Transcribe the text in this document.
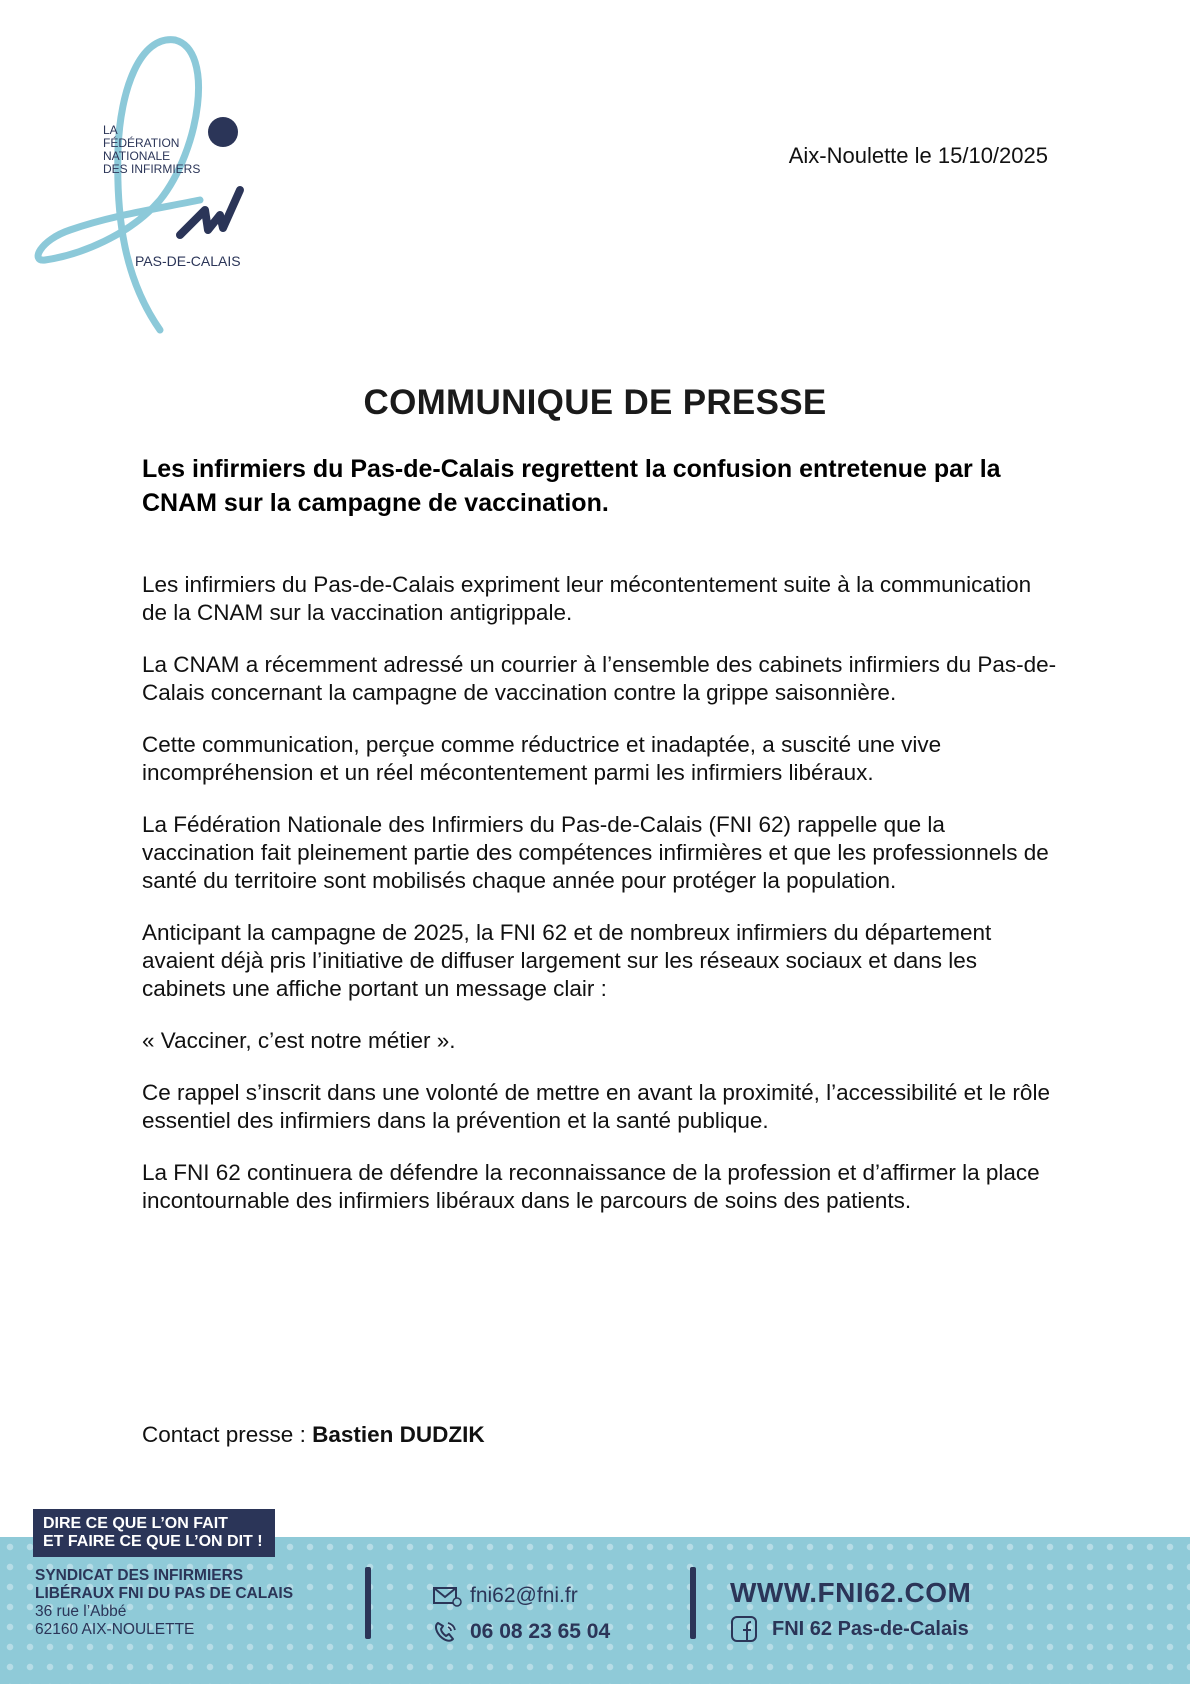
LA
FÉDÉRATION
NATIONALE
DES INFIRMIERS
PAS-DE-CALAIS
Aix-Noulette le 15/10/2025
COMMUNIQUE DE PRESSE
Les infirmiers du Pas-de-Calais regrettent la confusion entretenue par la CNAM sur la campagne de vaccination.

Les infirmiers du Pas-de-Calais expriment leur mécontentement suite à la communication de la CNAM sur la vaccination antigrippale.

La CNAM a récemment adressé un courrier à l’ensemble des cabinets infirmiers du Pas-de-Calais concernant la campagne de vaccination contre la grippe saisonnière.

Cette communication, perçue comme réductrice et inadaptée, a suscité une vive incompréhension et un réel mécontentement parmi les infirmiers libéraux.

La Fédération Nationale des Infirmiers du Pas-de-Calais (FNI 62) rappelle que la vaccination fait pleinement partie des compétences infirmières et que les professionnels de santé du territoire sont mobilisés chaque année pour protéger la population.

Anticipant la campagne de 2025, la FNI 62 et de nombreux infirmiers du département avaient déjà pris l’initiative de diffuser largement sur les réseaux sociaux et dans les cabinets une affiche portant un message clair :

« Vacciner, c’est notre métier ».

Ce rappel s’inscrit dans une volonté de mettre en avant la proximité, l’accessibilité et le rôle essentiel des infirmiers dans la prévention et la santé publique.

La FNI 62 continuera de défendre la reconnaissance de la profession et d’affirmer la place incontournable des infirmiers libéraux dans le parcours de soins des patients.

Contact presse : Bastien DUDZIK
DIRE CE QUE L’ON FAIT
ET FAIRE CE QUE L’ON DIT !
SYNDICAT DES INFIRMIERS
LIBÉRAUX FNI DU PAS DE CALAIS
36 rue l’Abbé
62160 AIX-NOULETTE
fni62@fni.fr
06 08 23 65 04
WWW.FNI62.COM
FNI 62 Pas-de-Calais
